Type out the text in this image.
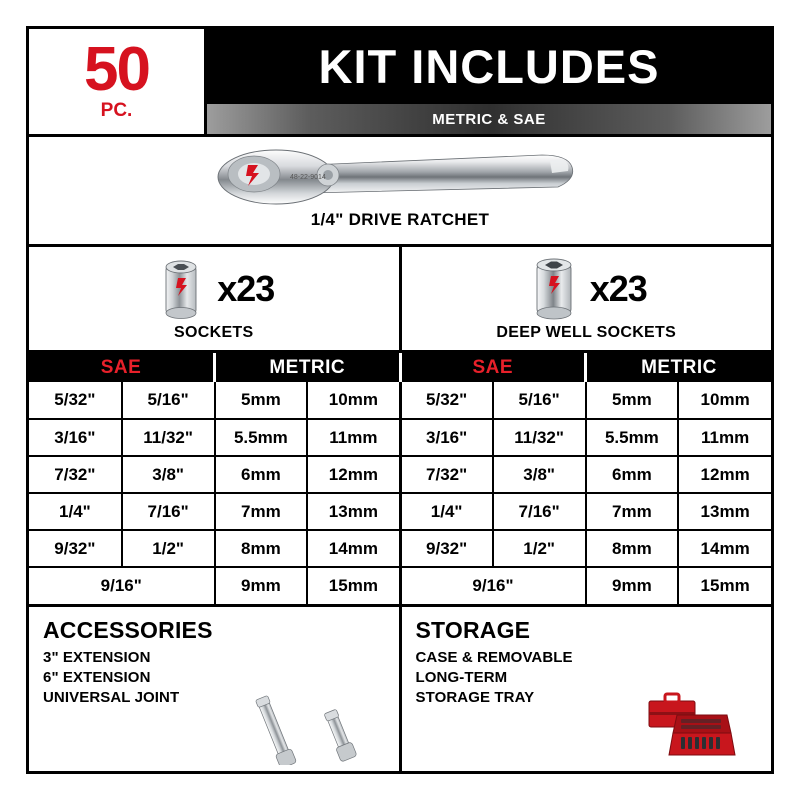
50
PC.
KIT INCLUDES
METRIC & SAE
48-22-9014
1/4" DRIVE RATCHET
x23
SOCKETS
x23
DEEP WELL SOCKETS
SAE		METRIC		SAE		METRIC	
5/32"	5/16"	5mm	10mm	5/32"	5/16"	5mm	10mm
3/16"	11/32"	5.5mm	11mm	3/16"	11/32"	5.5mm	11mm
7/32"	3/8"	6mm	12mm	7/32"	3/8"	6mm	12mm
1/4"	7/16"	7mm	13mm	1/4"	7/16"	7mm	13mm
9/32"	1/2"	8mm	14mm	9/32"	1/2"	8mm	14mm
9/16"		9mm	15mm	9/16"		9mm	15mm
ACCESSORIES
3" EXTENSION
6" EXTENSION
UNIVERSAL JOINT
STORAGE
CASE & REMOVABLE
LONG-TERM
STORAGE TRAY
